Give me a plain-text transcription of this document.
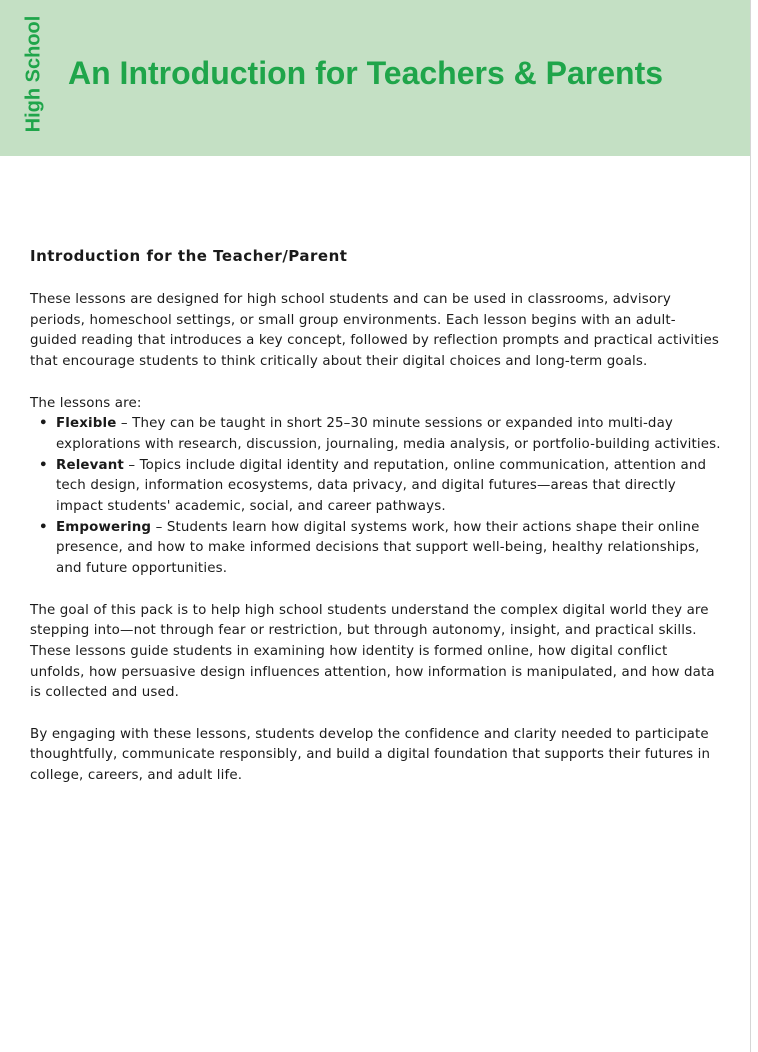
High School An Introduction for Teachers & Parents
Introduction for the Teacher/Parent

These lessons are designed for high school students and can be used in classrooms, advisory periods, homeschool settings, or small group environments. Each lesson begins with an adult-guided reading that introduces a key concept, followed by reflection prompts and practical activities that encourage students to think critically about their digital choices and long-term goals.

The lessons are:

• Flexible – They can be taught in short 25–30 minute sessions or expanded into multi-day explorations with research, discussion, journaling, media analysis, or portfolio-building activities.
• Relevant – Topics include digital identity and reputation, online communication, attention and tech design, information ecosystems, data privacy, and digital futures—areas that directly impact students' academic, social, and career pathways.
• Empowering – Students learn how digital systems work, how their actions shape their online presence, and how to make informed decisions that support well-being, healthy relationships, and future opportunities.

The goal of this pack is to help high school students understand the complex digital world they are stepping into—not through fear or restriction, but through autonomy, insight, and practical skills. These lessons guide students in examining how identity is formed online, how digital conflict unfolds, how persuasive design influences attention, how information is manipulated, and how data is collected and used.

By engaging with these lessons, students develop the confidence and clarity needed to participate thoughtfully, communicate responsibly, and build a digital foundation that supports their futures in college, careers, and adult life.
